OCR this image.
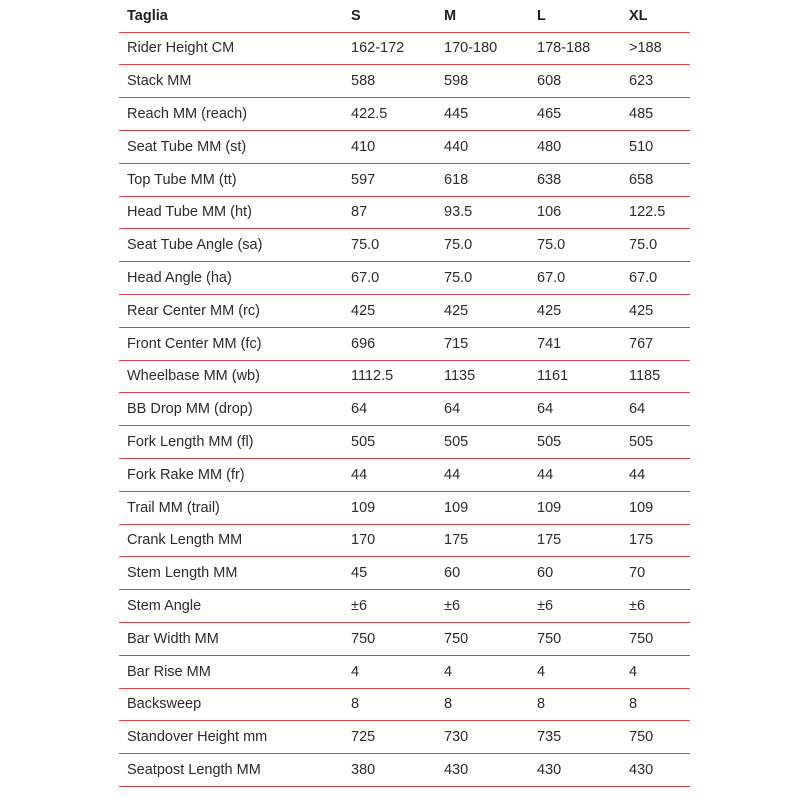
Taglia	S	M	L	XL
Rider Height CM	162-172	170-180	178-188	>188
Stack MM	588	598	608	623
Reach MM (reach)	422.5	445	465	485
Seat Tube MM (st)	410	440	480	510
Top Tube MM (tt)	597	618	638	658
Head Tube MM (ht)	87	93.5	106	122.5
Seat Tube Angle (sa)	75.0	75.0	75.0	75.0
Head Angle (ha)	67.0	75.0	67.0	67.0
Rear Center MM (rc)	425	425	425	425
Front Center MM (fc)	696	715	741	767
Wheelbase MM (wb)	1112.5	1135	1161	1185
BB Drop MM (drop)	64	64	64	64
Fork Length MM (fl)	505	505	505	505
Fork Rake MM (fr)	44	44	44	44
Trail MM (trail)	109	109	109	109
Crank Length MM	170	175	175	175
Stem Length MM	45	60	60	70
Stem Angle	±6	±6	±6	±6
Bar Width MM	750	750	750	750
Bar Rise MM	4	4	4	4
Backsweep	8	8	8	8
Standover Height mm	725	730	735	750
Seatpost Length MM	380	430	430	430
